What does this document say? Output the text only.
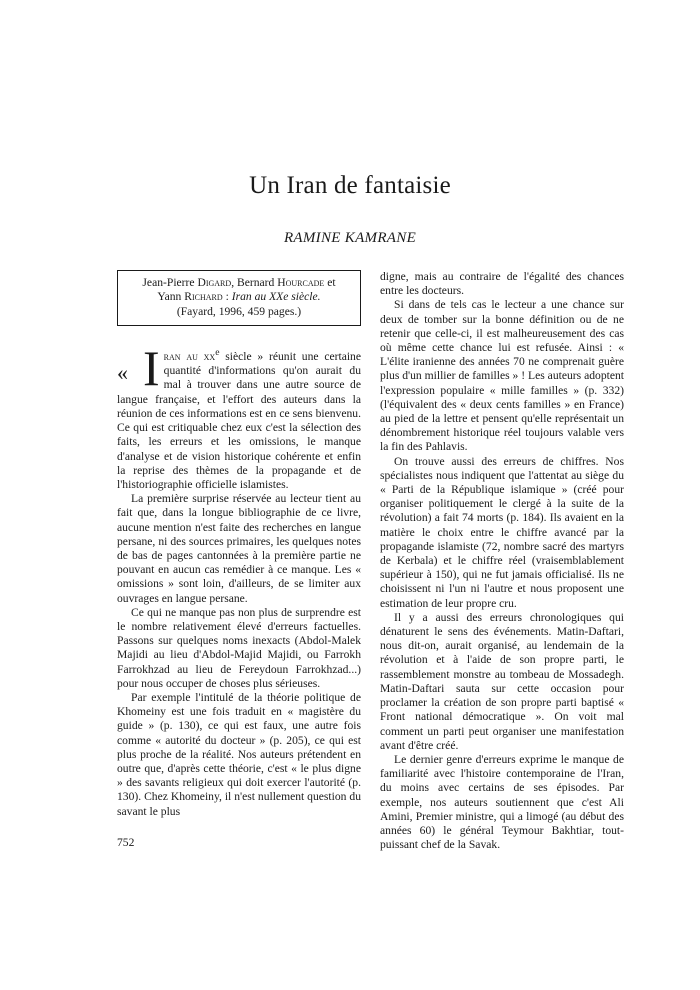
Un Iran de fantaisie
RAMINE KAMRANE
Jean-Pierre Digard, Bernard Hourcade et
Yann Richard : Iran au XXe siècle.
(Fayard, 1996, 459 pages.)
« I ran au $xx^e$ siècle » réunit une certaine quantité d'informations qu'on aurait du mal à trouver dans une autre source de langue française, et l'effort des auteurs dans la réunion de ces informations est en ce sens bienvenu. Ce qui est critiquable chez eux c'est la sélection des faits, les erreurs et les omissions, le manque d'analyse et de vision historique cohérente et enfin la reprise des thèmes de la propagande et de l'historiographie officielle islamistes.

La première surprise réservée au lecteur tient au fait que, dans la longue bibliographie de ce livre, aucune mention n'est faite des recherches en langue persane, ni des sources primaires, les quelques notes de bas de pages cantonnées à la première partie ne pouvant en aucun cas remédier à ce manque. Les « omissions » sont loin, d'ailleurs, de se limiter aux ouvrages en langue persane.

Ce qui ne manque pas non plus de surprendre est le nombre relativement élevé d'erreurs factuelles. Passons sur quelques noms inexacts (Abdol-Malek Majidi au lieu d'Abdol-Majid Majidi, ou Farrokh Farrokhzad au lieu de Fereydoun Farrokhzad...) pour nous occuper de choses plus sérieuses.

Par exemple l'intitulé de la théorie politique de Khomeiny est une fois traduit en « magistère du guide » (p. 130), ce qui est faux, une autre fois comme « autorité du docteur » (p. 205), ce qui est plus proche de la réalité. Nos auteurs prétendent en outre que, d'après cette théorie, c'est « le plus digne » des savants religieux qui doit exercer l'autorité (p. 130). Chez Khomeiny, il n'est nullement question du savant le plus

digne, mais au contraire de l'égalité des chances entre les docteurs.

Si dans de tels cas le lecteur a une chance sur deux de tomber sur la bonne définition ou de ne retenir que celle-ci, il est malheureusement des cas où même cette chance lui est refusée. Ainsi : « L'élite iranienne des années 70 ne comprenait guère plus d'un millier de familles » ! Les auteurs adoptent l'expression populaire « mille familles » (p. 332) (l'équivalent des « deux cents familles » en France) au pied de la lettre et pensent qu'elle représentait un dénombrement historique réel toujours valable vers la fin des Pahlavis.

On trouve aussi des erreurs de chiffres. Nos spécialistes nous indiquent que l'attentat au siège du « Parti de la République islamique » (créé pour organiser politiquement le clergé à la suite de la révolution) a fait 74 morts (p. 184). Ils avaient en la matière le choix entre le chiffre avancé par la propagande islamiste (72, nombre sacré des martyrs de Kerbala) et le chiffre réel (vraisemblablement supérieur à 150), qui ne fut jamais officialisé. Ils ne choisissent ni l'un ni l'autre et nous proposent une estimation de leur propre cru.

Il y a aussi des erreurs chronologiques qui dénaturent le sens des événements. Matin-Daftari, nous dit-on, aurait organisé, au lendemain de la révolution et à l'aide de son propre parti, le rassemblement monstre au tombeau de Mossadegh. Matin-Daftari sauta sur cette occasion pour proclamer la création de son propre parti baptisé « Front national démocratique ». On voit mal comment un parti peut organiser une manifestation avant d'être créé.

Le dernier genre d'erreurs exprime le manque de familiarité avec l'histoire contemporaine de l'Iran, du moins avec certains de ses épisodes. Par exemple, nos auteurs soutiennent que c'est Ali Amini, Premier ministre, qui a limogé (au début des années 60) le général Teymour Bakhtiar, tout-puissant chef de la Savak.

752
